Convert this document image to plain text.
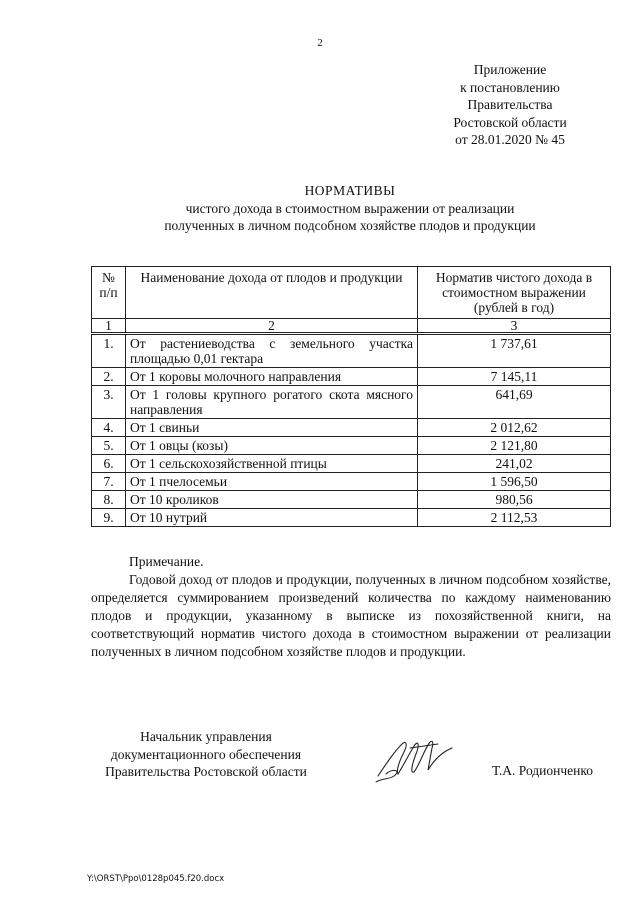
2
Приложение
к постановлению
Правительства
Ростовской области
от 28.01.2020 № 45
НОРМАТИВЫ
чистого дохода в стоимостном выражении от реализации
полученных в личном подсобном хозяйстве плодов и продукции
№ п/п	Наименование дохода от плодов и продукции	Норматив чистого дохода в стоимостном выражении (рублей в год)
1	2	3
1.	От растениеводства с земельного участка площадью 0,01 гектара	1 737,61
2.	От 1 коровы молочного направления	7 145,11
3.	От 1 головы крупного рогатого скота мясного направления	641,69
4.	От 1 свиньи	2 012,62
5.	От 1 овцы (козы)	2 121,80
6.	От 1 сельскохозяйственной птицы	241,02
7.	От 1 пчелосемьи	1 596,50
8.	От 10 кроликов	980,56
9.	От 10 нутрий	2 112,53
Примечание.
Годовой доход от плодов и продукции, полученных в личном подсобном хозяйстве, определяется суммированием произведений количества по каждому наименованию плодов и продукции, указанному в выписке из похозяйственной книги, на соответствующий норматив чистого дохода в стоимостном выражении от реализации полученных в личном подсобном хозяйстве плодов и продукции.
Начальник управления
документационного обеспечения
Правительства Ростовской области	Т.А. Родионченко
Y:\ORST\Ppo\0128p045.f20.docx
